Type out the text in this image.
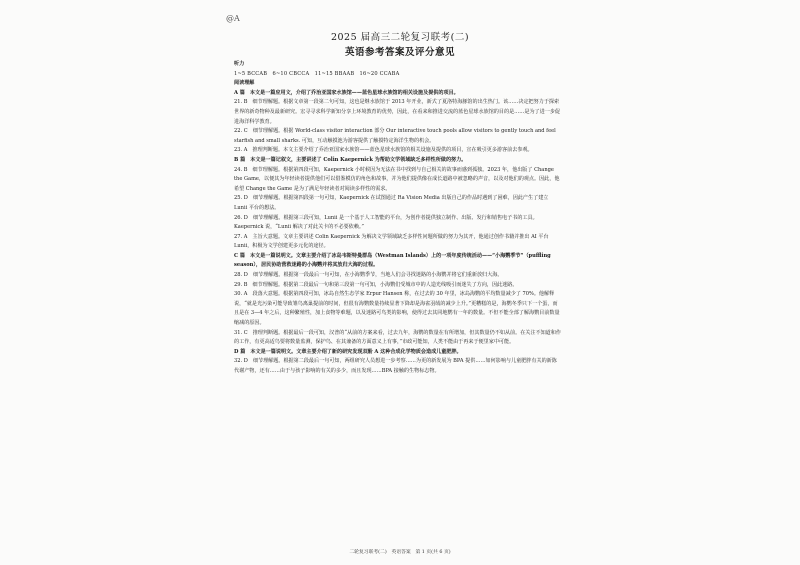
@A
2025 届高三二轮复习联考(二)
英语参考答案及评分意见

听力

1~5 BCCAB　6~10 CBCCA　11~15 BBAAB　16~20 CCABA

阅读理解

A 篇　本文是一篇应用文，介绍了乔治亚国家水族馆——蓝色星球水族馆的相关设施及提供的项目。

21. B　细节理解题。根据文章第一段第二句可知，这也是继水族馆于 2013 年开业，新式了夏洛特海豚馆的出生热门。该……决定把努力于探索世界的新奇物种及最新研究。宏寻寻求科学新知分享上环境教育的优势，因此，在看来和推进交流的蓝色星球水族馆的目的是……是为了进一步促进海洋科学教育。

22. C　细节理解题。根据 World-class visitor interaction 部分 Our interactive touch pools allow visitors to gently touch and feel starfish and small sharks. 可知，互动触摸池为游客提供了触摸特定海洋生物的机会。

23. A　推理判断题。本文主要介绍了乔治亚国家水族馆——蓝色星球水族馆的相关设施及提供的项目，宣在吸引更多游客前去参观。

B 篇　本文是一篇记叙文，主要讲述了 Colin Kaepernick 为帮助文学领域缺乏多样性所做的努力。

24. B　细节理解题。根据第四段可知，Kaepernick 小时候因为无法在书中找到与自己相关的故事而感到孤独。2023 年，他出版了 Change the Game，以便其为年轻读者提供他们可以借鉴模仿的角色和故事，并为他们提供像在成长道路中被忽略的声音，以及对他们的观点。因此，他希望 Change the Game 是为了满足年轻读者对阅读多样性的需求。

25. D　细节理解题。根据第四段第一句可知，Kaepernick 在试图通过 Ra Vision Media 出版自己的作品时遇到了困难，因此产生了建立 Lunii 平台的想法。

26. D　细节理解题。根据第三段可知，Lunii 是一个基于人工智能的平台，为创作者提供独立制作、出版、发行和销售电子书的工具。Kaepernick 说，“Lunii 解决了对此关卡的不必要依赖。”

27. A　主旨大意题。文章主要讲述 Colin Kaepernick 为解决文学领域缺乏多样性问题所做的努力为其开，他通过创作书籍并推出 AI 平台 Lunii，积极为文学创建更多元化的途径。

C 篇　本文是一篇说明文。文章主要介绍了冰岛韦斯特曼群岛（Westman Islands）上的一项年度传统活动——“小海鹦季节”（puffling season），居民协助营救迷路的小海鹦并将其放归大海的过程。

28. D　细节理解题。根据第一段最后一句可知，在小海鹦季节，当地人们会寻找迷路的小海鹦并将它们重新放归大海。

29. B　细节理解题。根据第二段最后一句和第三段第一句可知，小海鹦们受城市中的人造光线吸引而迷失了方向，因此迷路。

30. A　段落大意题。根据第四段可知，冰岛自然生态学家 Erpur Hansen 称，在过去的 30 年里，冰岛海鹦的平均数量减少了 70%。他解释说，“就是光污染可能导致雏鸟离巢提前的时间，但很有海鹦数量持续显著下降却是海雀羽绒的减少上升。”更糟糕的是，海鹦冬季只下一个蛋，而且是在 3—4 年之后，这种繁殖性，加上食物等难题，以及迷路可鸟类的影响，使得过去其同地鹦有一年的数量。不但不能全部了解海鹦目前数量缩减的原因。

31. C　推理判断题。根据最后一段可知，汉普的“从前的方案来看，过去九年，海鹦的数量在有所增加，但其数量仍不如从前。在关注不知道和作的工作，有更高适鸟要将数量监测，保护鸟、在其兼备的方面意义上有事，”市政可能知，人类不能由于再来于便里家中可能。

D 篇　本文是一篇说明文。文章主要介绍了新的研究发现双酚 A 这种合成化学物质会造成儿童肥胖。

32. D　细节理解题。根据第二段最后一句可知，两组研究人员想进一步考察……为更的新发展为 BPA 提供……如何影响与儿童肥胖有关的新陈代谢产物，还有……由于与孩子影响的有关的多少，而且发现……BPA 接触的生物标志物。

二轮复习联考(二)　英语答案　第 1 页(共 6 页)
